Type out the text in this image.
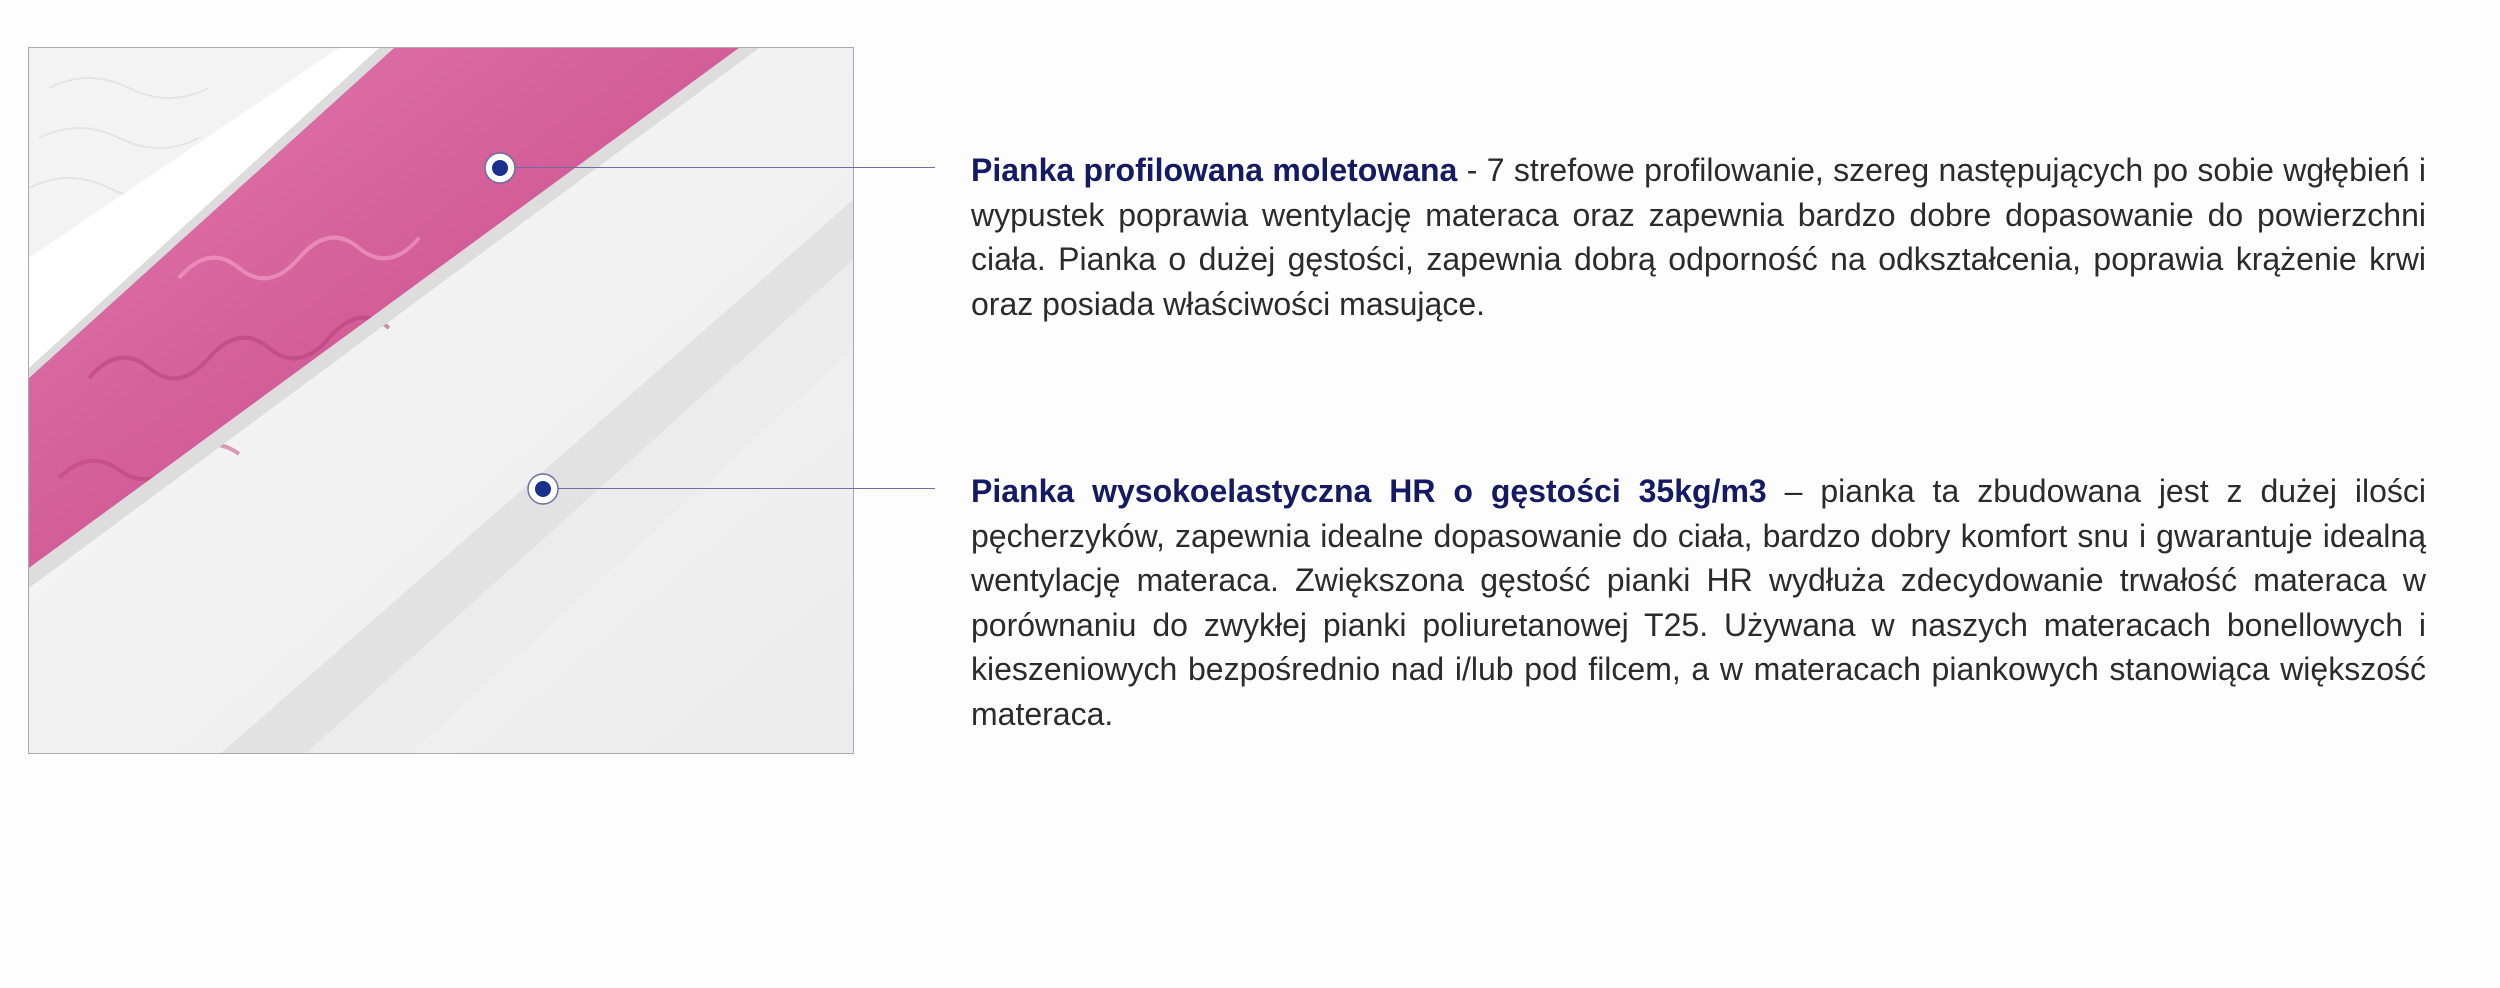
Pianka profilowana moletowana - 7 strefowe profilowanie, szereg następujących po sobie wgłębień i wypustek poprawia wentylację materaca oraz zapewnia bardzo dobre dopasowanie do powierzchni ciała. Pianka o dużej gęstości, zapewnia dobrą odporność na odkształcenia, poprawia krążenie krwi oraz posiada właściwości masujące.

Pianka wysokoelastyczna HR o gęstości 35kg/m3 – pianka ta zbudowana jest z dużej ilości pęcherzyków, zapewnia idealne dopasowanie do ciała, bardzo dobry komfort snu i gwarantuje idealną wentylację materaca. Zwiększona gęstość pianki HR wydłuża zdecydowanie trwałość materaca w porównaniu do zwykłej pianki poliuretanowej T25. Używana w naszych materacach bonellowych i kieszeniowych bezpośrednio nad i/lub pod filcem, a w materacach piankowych stanowiąca większość materaca.
